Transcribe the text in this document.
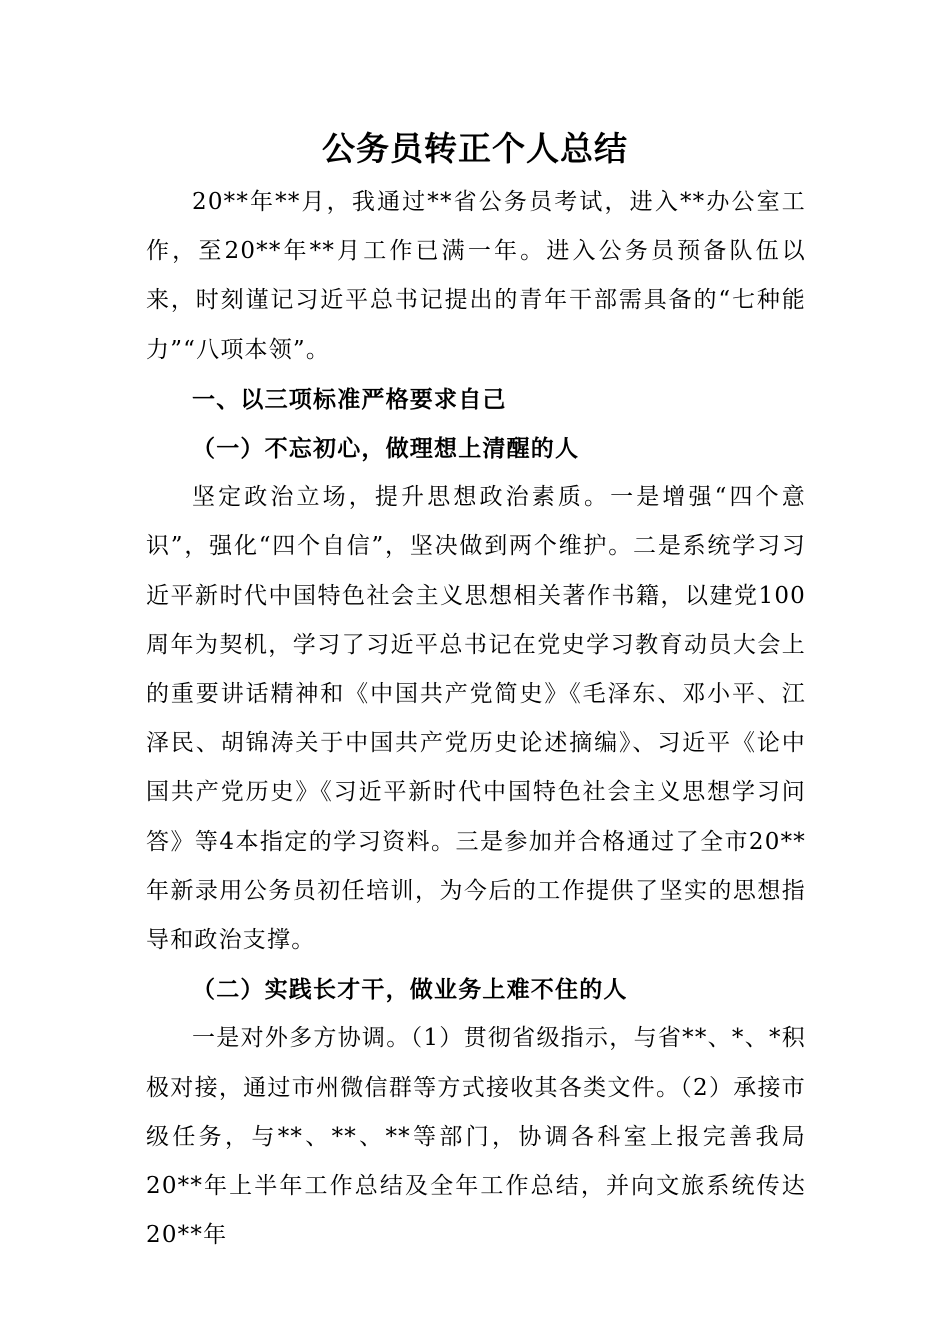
公务员转正个人总结

20**年**月，我通过**省公务员考试，进入**办公室工作，至20**年**月工作已满一年。进入公务员预备队伍以来，时刻谨记习近平总书记提出的青年干部需具备的“七种能力”“八项本领”。

一、以三项标准严格要求自己

（一）不忘初心，做理想上清醒的人

坚定政治立场，提升思想政治素质。一是增强“四个意识”，强化“四个自信”，坚决做到两个维护。二是系统学习习近平新时代中国特色社会主义思想相关著作书籍，以建党100周年为契机，学习了习近平总书记在党史学习教育动员大会上的重要讲话精神和《中国共产党简史》《毛泽东、邓小平、江泽民、胡锦涛关于中国共产党历史论述摘编》、习近平《论中国共产党历史》《习近平新时代中国特色社会主义思想学习问答》等4本指定的学习资料。三是参加并合格通过了全市20**年新录用公务员初任培训，为今后的工作提供了坚实的思想指导和政治支撑。

（二）实践长才干，做业务上难不住的人

一是对外多方协调。（1）贯彻省级指示，与省**、*、*积极对接，通过市州微信群等方式接收其各类文件。（2）承接市级任务，与**、**、**等部门，协调各科室上报完善我局20**年上半年工作总结及全年工作总结，并向文旅系统传达20**年
